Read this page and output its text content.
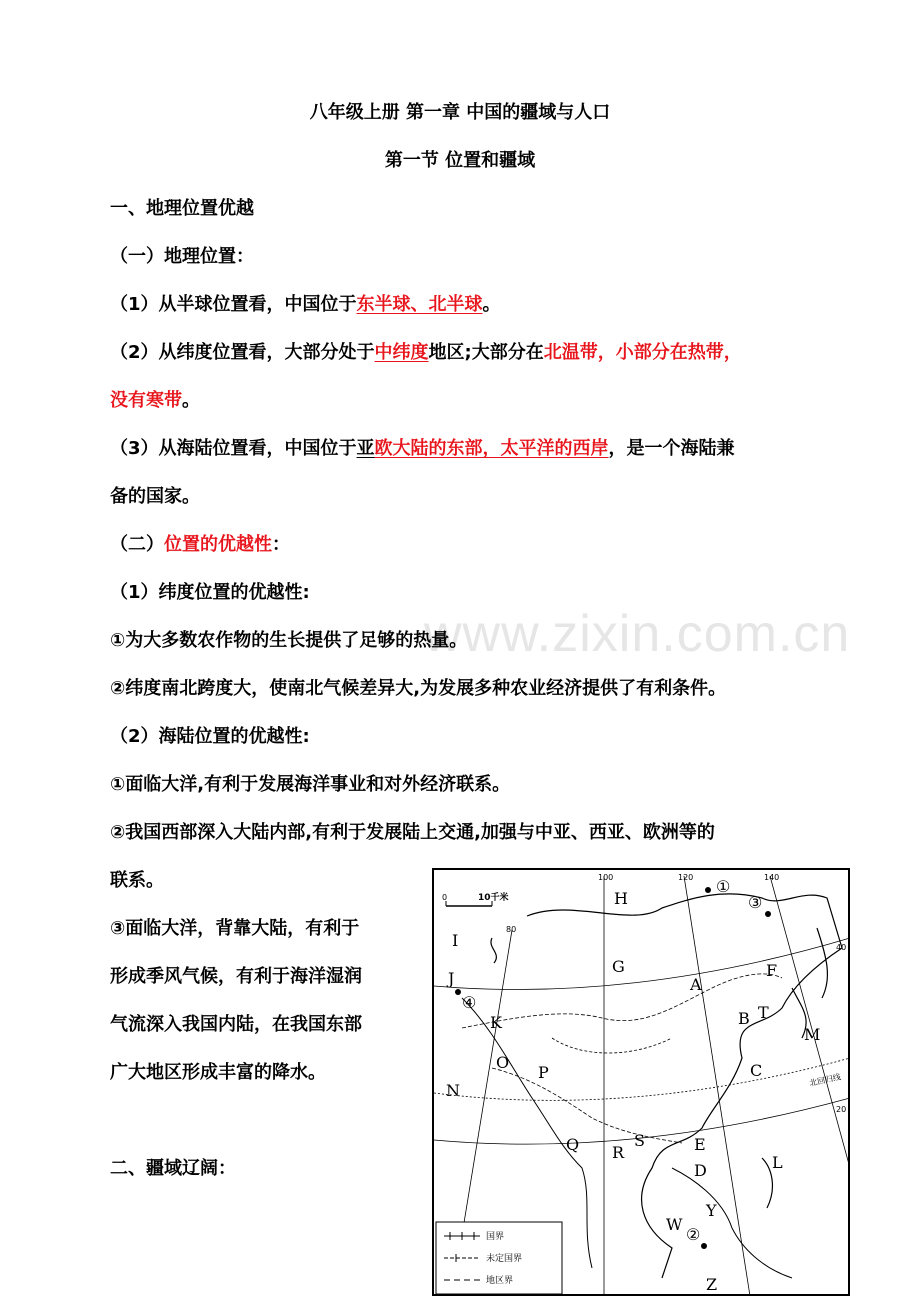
八年级上册 第一章 中国的疆域与人口
第一节 位置和疆域
www.zixin.com.cn
一、地理位置优越
（一）地理位置：
（1）从半球位置看，中国位于东半球、北半球。
（2）从纬度位置看，大部分处于中纬度地区;大部分在北温带，小部分在热带，
没有寒带。
（3）从海陆位置看，中国位于亚欧大陆的东部，太平洋的西岸，是一个海陆兼
备的国家。
（二）位置的优越性：
（1）纬度位置的优越性:
①为大多数农作物的生长提供了足够的热量。
②纬度南北跨度大，使南北气候差异大,为发展多种农业经济提供了有利条件。
（2）海陆位置的优越性:
①面临大洋,有利于发展海洋事业和对外经济联系。
②我国西部深入大陆内部,有利于发展陆上交通,加强与中亚、西亚、欧洲等的
联系。
③面临大洋，背靠大陆，有利于
形成季风气候，有利于海洋湿润
气流深入我国内陆，在我国东部
广大地区形成丰富的降水。
二、疆域辽阔：
0	10千米
100	120	140
80
40
20
北回归线
H
I
J
K
G
A
F
B T
M
C
N
O
P
Q R
S	E
D	L
Y
W
Z
①
②
③
④
国界
未定国界
地区界
